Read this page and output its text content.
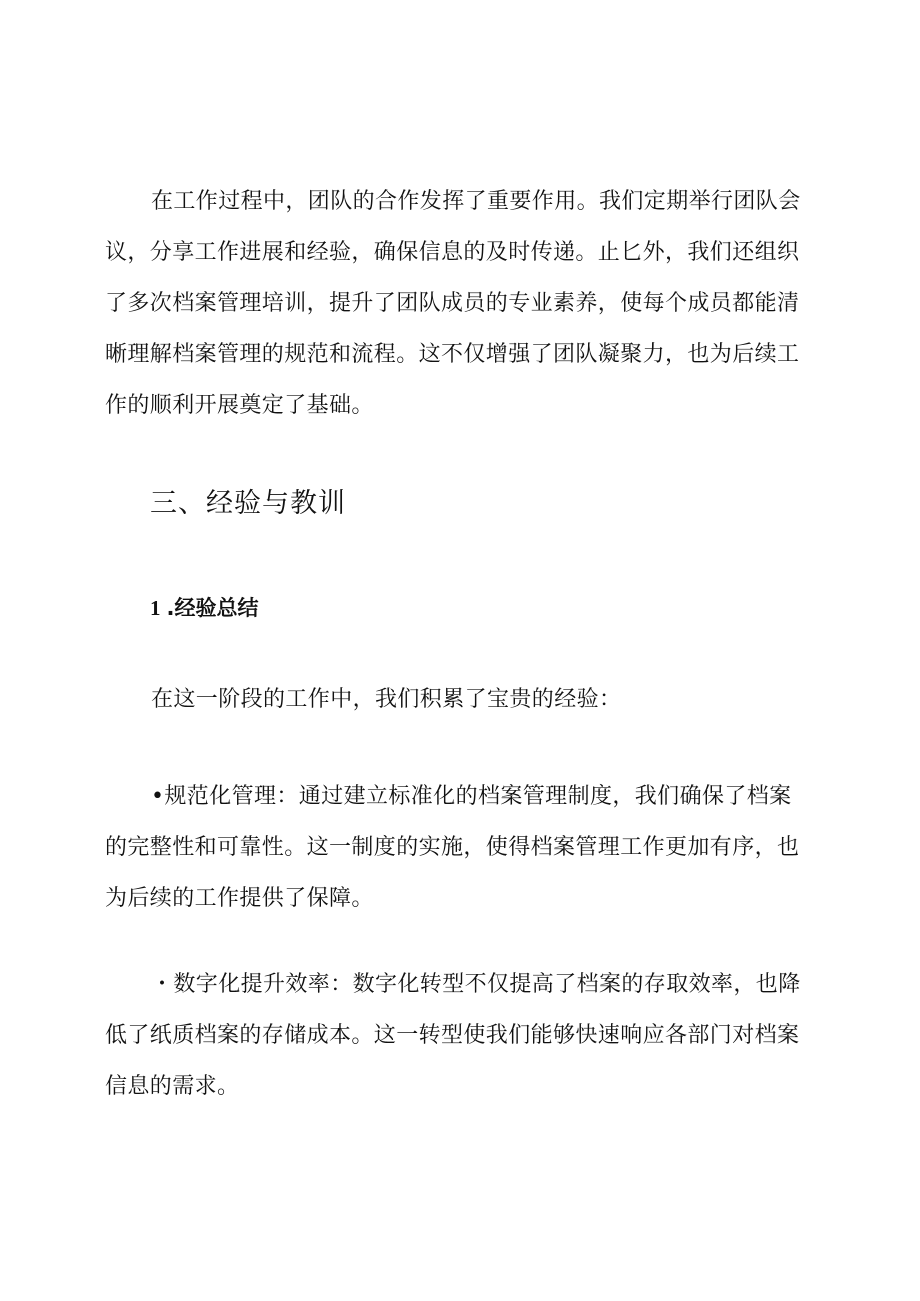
在工作过程中，团队的合作发挥了重要作用。我们定期举行团队会
议，分享工作进展和经验，确保信息的及时传递。止匕外，我们还组织
了多次档案管理培训，提升了团队成员的专业素养，使每个成员都能清
晰理解档案管理的规范和流程。这不仅增强了团队凝聚力，也为后续工
作的顺利开展奠定了基础。

三、经验与教训
1 .经验总结

在这一阶段的工作中，我们积累了宝贵的经验：

•规范化管理：通过建立标准化的档案管理制度，我们确保了档案
的完整性和可靠性。这一制度的实施，使得档案管理工作更加有序，也
为后续的工作提供了保障。

・数字化提升效率：数字化转型不仅提高了档案的存取效率，也降
低了纸质档案的存储成本。这一转型使我们能够快速响应各部门对档案
信息的需求。
